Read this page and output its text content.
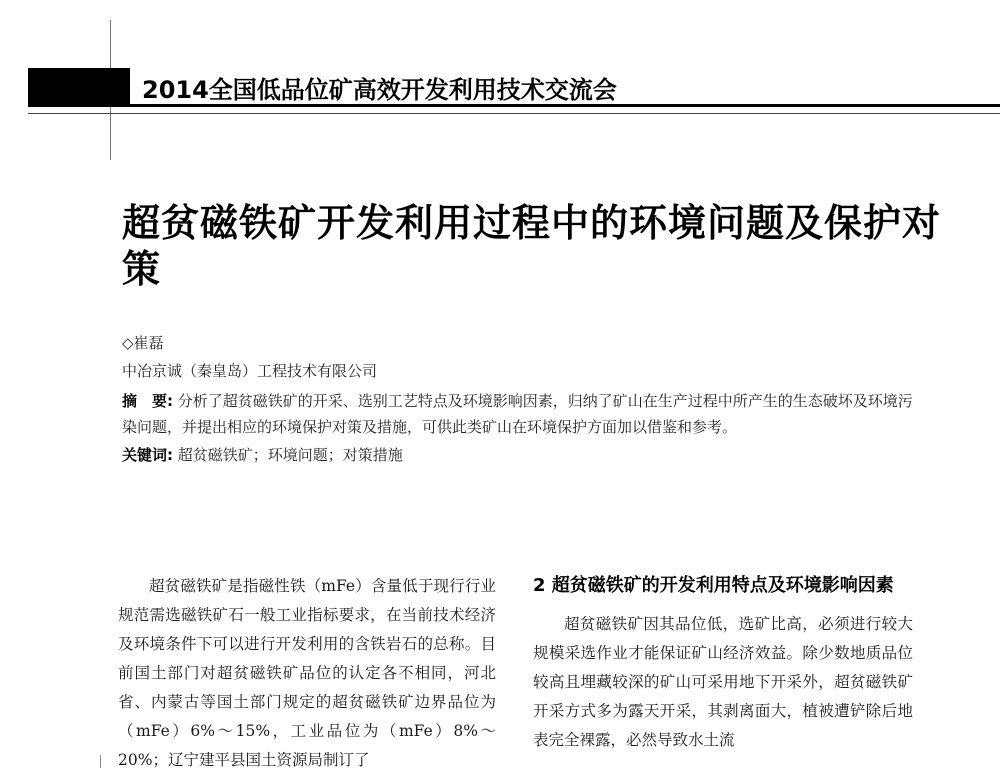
2014全国低品位矿高效开发利用技术交流会
超贫磁铁矿开发利用过程中的环境问题及保护对策
◇崔磊
中冶京诚（秦皇岛）工程技术有限公司
摘　要: 分析了超贫磁铁矿的开采、选别工艺特点及环境影响因素，归纳了矿山在生产过程中所产生的生态破坏及环境污染问题，并提出相应的环境保护对策及措施，可供此类矿山在环境保护方面加以借鉴和参考。
关键词: 超贫磁铁矿；环境问题；对策措施
超贫磁铁矿是指磁性铁（mFe）含量低于现行行业规范需选磁铁矿石一般工业指标要求，在当前技术经济及环境条件下可以进行开发利用的含铁岩石的总称。目前国土部门对超贫磁铁矿品位的认定各不相同，河北省、内蒙古等国土部门规定的超贫磁铁矿边界品位为（mFe）6%～15%，工业品位为（mFe）8%～20%；辽宁建平县国土资源局制订了
2 超贫磁铁矿的开发利用特点及环境影响因素

超贫磁铁矿因其品位低，选矿比高，必须进行较大规模采选作业才能保证矿山经济效益。除少数地质品位较高且埋藏较深的矿山可采用地下开采外，超贫磁铁矿开采方式多为露天开采，其剥离面大，植被遭铲除后地表完全裸露，必然导致水土流
